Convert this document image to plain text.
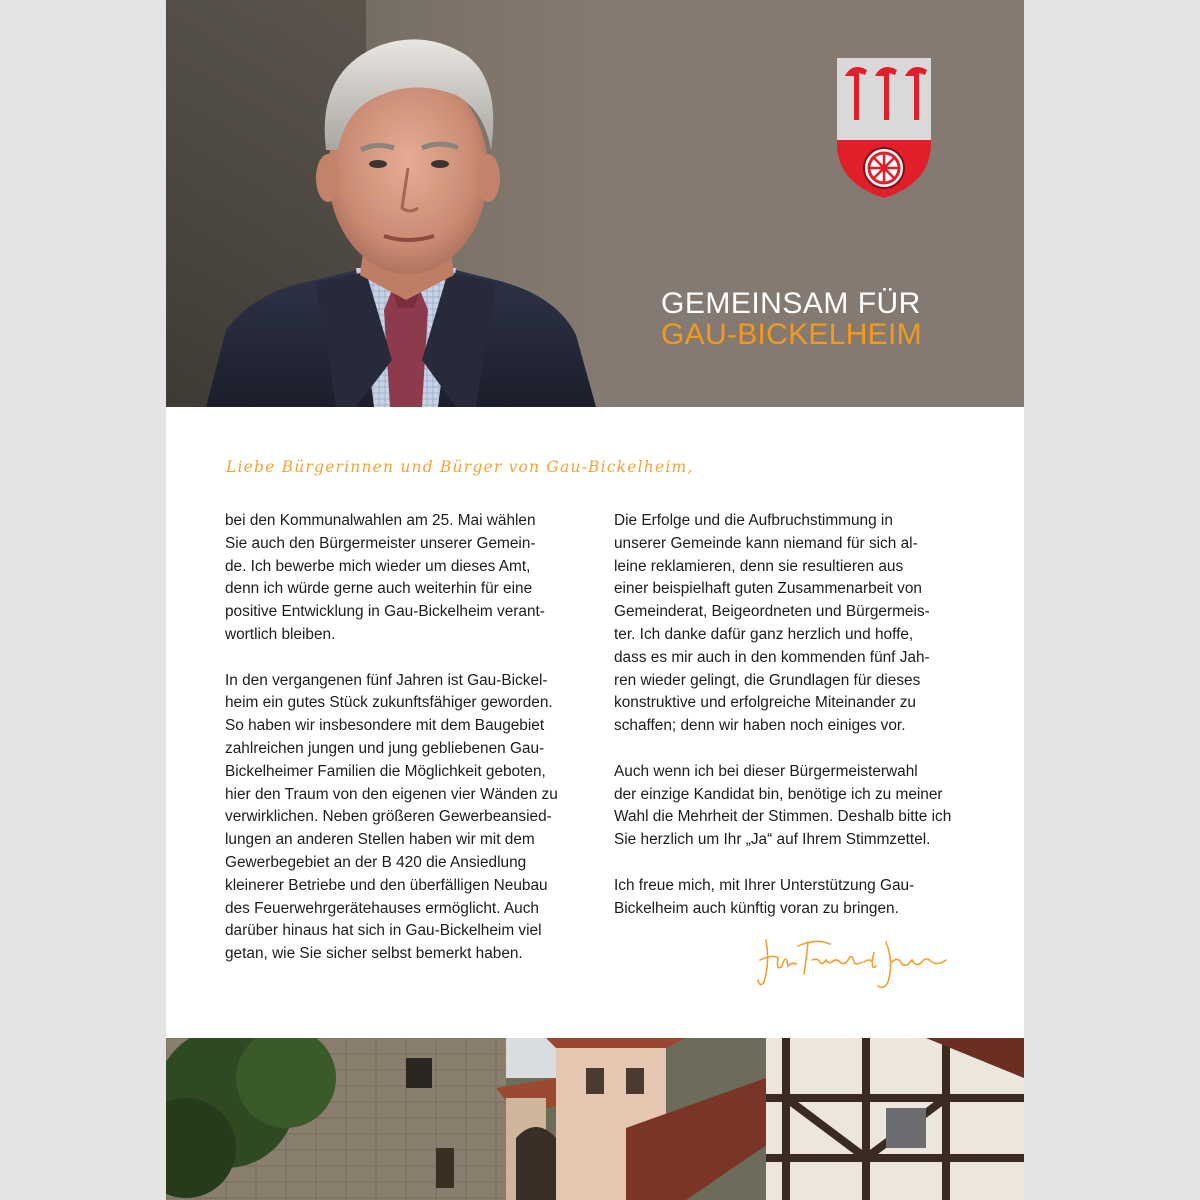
GEMEINSAM FÜR
GAU-BICKELHEIM
Liebe Bürgerinnen und Bürger von Gau-Bickelheim,

bei den Kommunalwahlen am 25. Mai wählen
Sie auch den Bürgermeister unserer Gemein-
de. Ich bewerbe mich wieder um dieses Amt,
denn ich würde gerne auch weiterhin für eine
positive Entwicklung in Gau-Bickelheim verant-
wortlich bleiben.

In den vergangenen fünf Jahren ist Gau-Bickel-
heim ein gutes Stück zukunftsfähiger geworden.
So haben wir insbesondere mit dem Baugebiet
zahlreichen jungen und jung gebliebenen Gau-
Bickelheimer Familien die Möglichkeit geboten,
hier den Traum von den eigenen vier Wänden zu
verwirklichen. Neben größeren Gewerbeansied-
lungen an anderen Stellen haben wir mit dem
Gewerbegebiet an der B 420 die Ansiedlung
kleinerer Betriebe und den überfälligen Neubau
des Feuerwehrgerätehauses ermöglicht. Auch
darüber hinaus hat sich in Gau-Bickelheim viel
getan, wie Sie sicher selbst bemerkt haben.

Die Erfolge und die Aufbruchstimmung in
unserer Gemeinde kann niemand für sich al-
leine reklamieren, denn sie resultieren aus
einer beispielhaft guten Zusammenarbeit von
Gemeinderat, Beigeordneten und Bürgermeis-
ter. Ich danke dafür ganz herzlich und hoffe,
dass es mir auch in den kommenden fünf Jah-
ren wieder gelingt, die Grundlagen für dieses
konstruktive und erfolgreiche Miteinander zu
schaffen; denn wir haben noch einiges vor.

Auch wenn ich bei dieser Bürgermeisterwahl
der einzige Kandidat bin, benötige ich zu meiner
Wahl die Mehrheit der Stimmen. Deshalb bitte ich
Sie herzlich um Ihr „Ja“ auf Ihrem Stimmzettel.

Ich freue mich, mit Ihrer Unterstützung Gau-
Bickelheim auch künftig voran zu bringen.
